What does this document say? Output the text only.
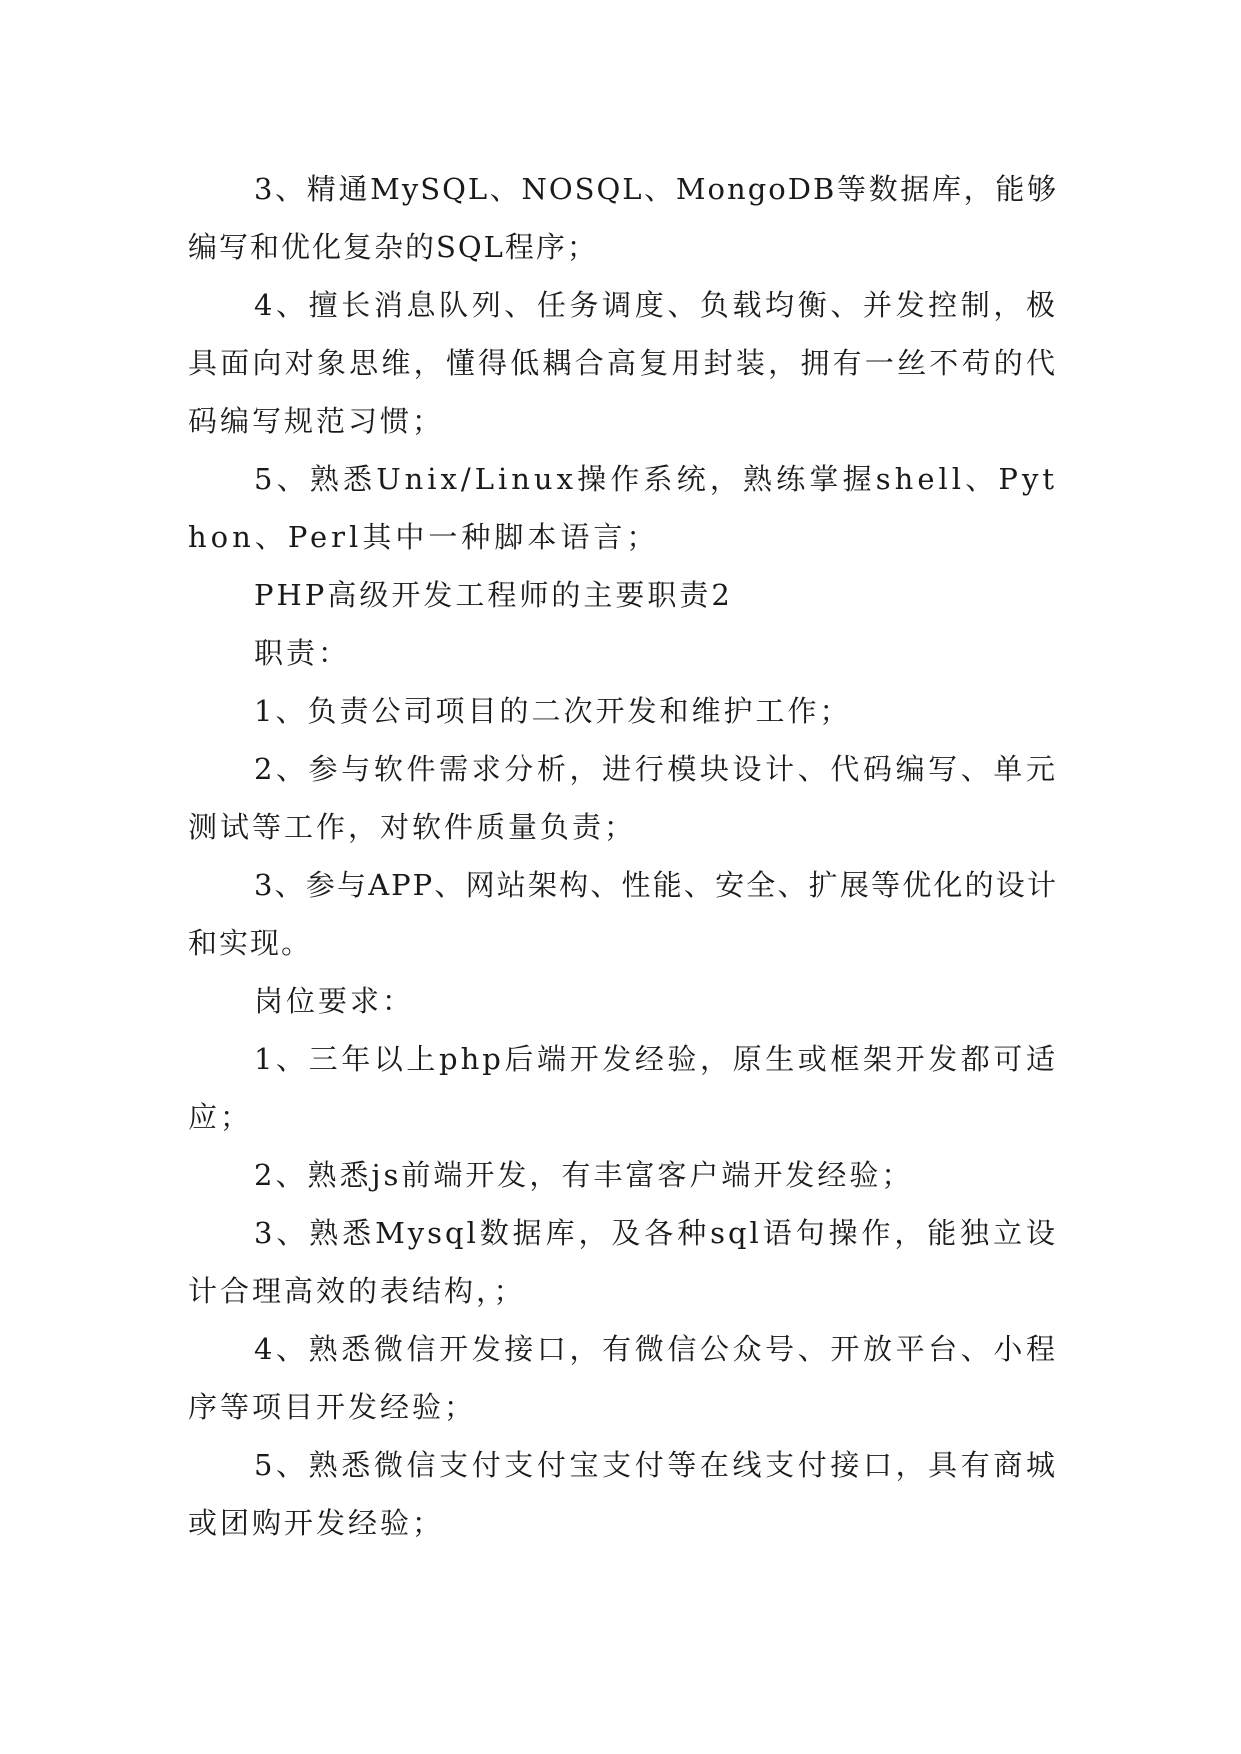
3、精通MySQL、NOSQL、MongoDB等数据库，能够编写和优化复杂的SQL程序；

4、擅长消息队列、任务调度、负载均衡、并发控制，极具面向对象思维，懂得低耦合高复用封装，拥有一丝不苟的代码编写规范习惯；

5、熟悉Unix/Linux操作系统，熟练掌握shell、Python、Perl其中一种脚本语言；

PHP高级开发工程师的主要职责2

职责：

1、负责公司项目的二次开发和维护工作；

2、参与软件需求分析，进行模块设计、代码编写、单元测试等工作，对软件质量负责；

3、参与APP、网站架构、性能、安全、扩展等优化的设计和实现。

岗位要求：

1、三年以上php后端开发经验，原生或框架开发都可适应；

2、熟悉js前端开发，有丰富客户端开发经验；

3、熟悉Mysql数据库，及各种sql语句操作，能独立设计合理高效的表结构，；

4、熟悉微信开发接口，有微信公众号、开放平台、小程序等项目开发经验；

5、熟悉微信支付支付宝支付等在线支付接口，具有商城或团购开发经验；
